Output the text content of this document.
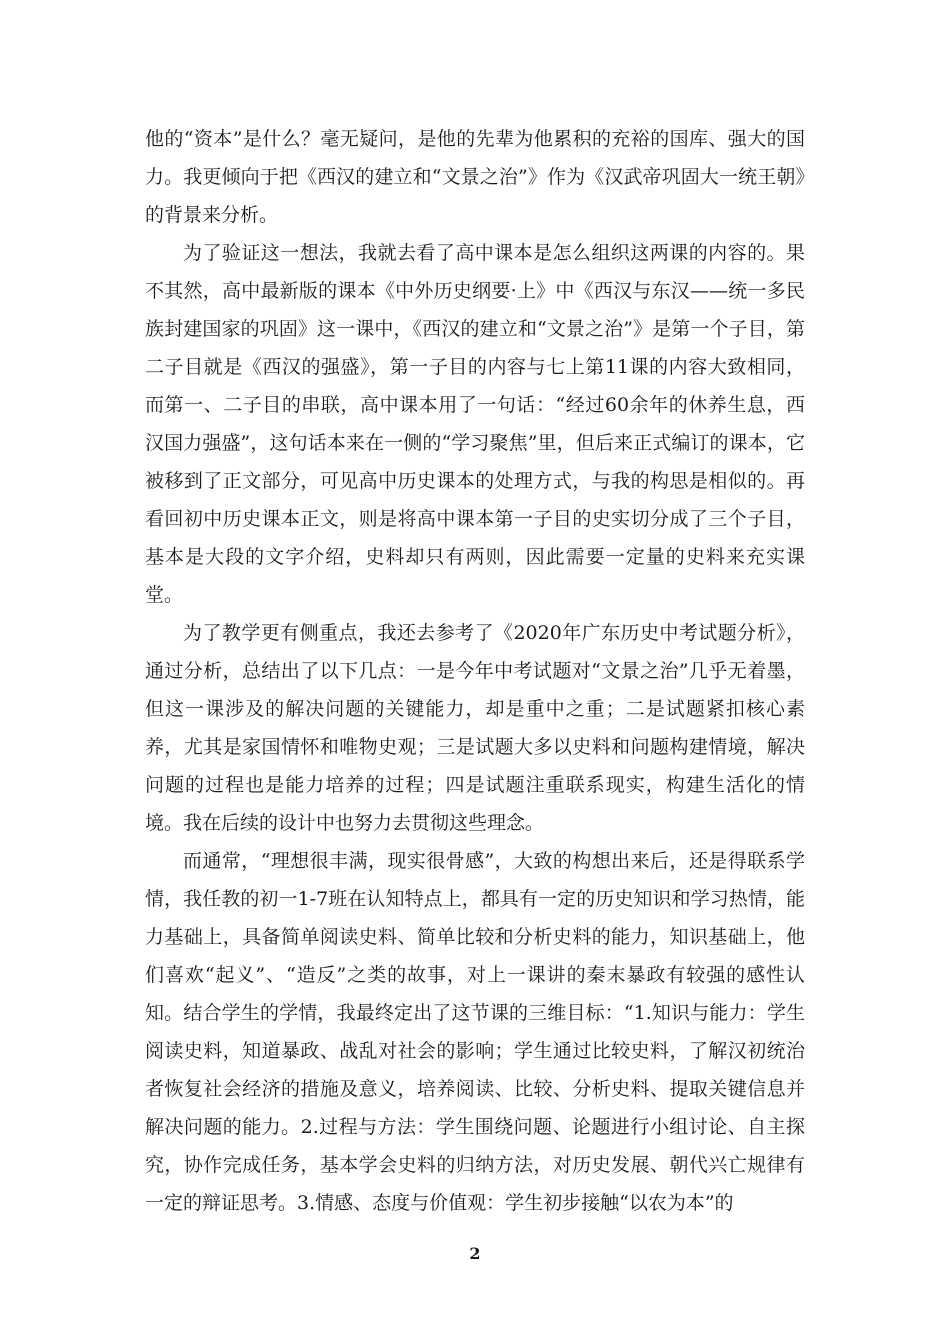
他的“资本”是什么？毫无疑问，是他的先辈为他累积的充裕的国库、强大的国力。我更倾向于把《西汉的建立和“文景之治”》作为《汉武帝巩固大一统王朝》的背景来分析。

为了验证这一想法，我就去看了高中课本是怎么组织这两课的内容的。果不其然，高中最新版的课本《中外历史纲要·上》中《西汉与东汉——统一多民族封建国家的巩固》这一课中，《西汉的建立和“文景之治”》是第一个子目，第二子目就是《西汉的强盛》，第一子目的内容与七上第11课的内容大致相同，而第一、二子目的串联，高中课本用了一句话：“经过60余年的休养生息，西汉国力强盛”，这句话本来在一侧的“学习聚焦”里，但后来正式编订的课本，它被移到了正文部分，可见高中历史课本的处理方式，与我的构思是相似的。再看回初中历史课本正文，则是将高中课本第一子目的史实切分成了三个子目，基本是大段的文字介绍，史料却只有两则，因此需要一定量的史料来充实课堂。

为了教学更有侧重点，我还去参考了《2020年广东历史中考试题分析》，通过分析，总结出了以下几点：一是今年中考试题对“文景之治”几乎无着墨，但这一课涉及的解决问题的关键能力，却是重中之重；二是试题紧扣核心素养，尤其是家国情怀和唯物史观；三是试题大多以史料和问题构建情境，解决问题的过程也是能力培养的过程；四是试题注重联系现实，构建生活化的情境。我在后续的设计中也努力去贯彻这些理念。

而通常，“理想很丰满，现实很骨感”，大致的构想出来后，还是得联系学情，我任教的初一1-7班在认知特点上，都具有一定的历史知识和学习热情，能力基础上，具备简单阅读史料、简单比较和分析史料的能力，知识基础上，他们喜欢“起义”、“造反”之类的故事，对上一课讲的秦末暴政有较强的感性认知。结合学生的学情，我最终定出了这节课的三维目标：“1.知识与能力：学生阅读史料，知道暴政、战乱对社会的影响；学生通过比较史料，了解汉初统治者恢复社会经济的措施及意义，培养阅读、比较、分析史料、提取关键信息并解决问题的能力。2.过程与方法：学生围绕问题、论题进行小组讨论、自主探究，协作完成任务，基本学会史料的归纳方法，对历史发展、朝代兴亡规律有一定的辩证思考。3.情感、态度与价值观：学生初步接触“以农为本”的

2
